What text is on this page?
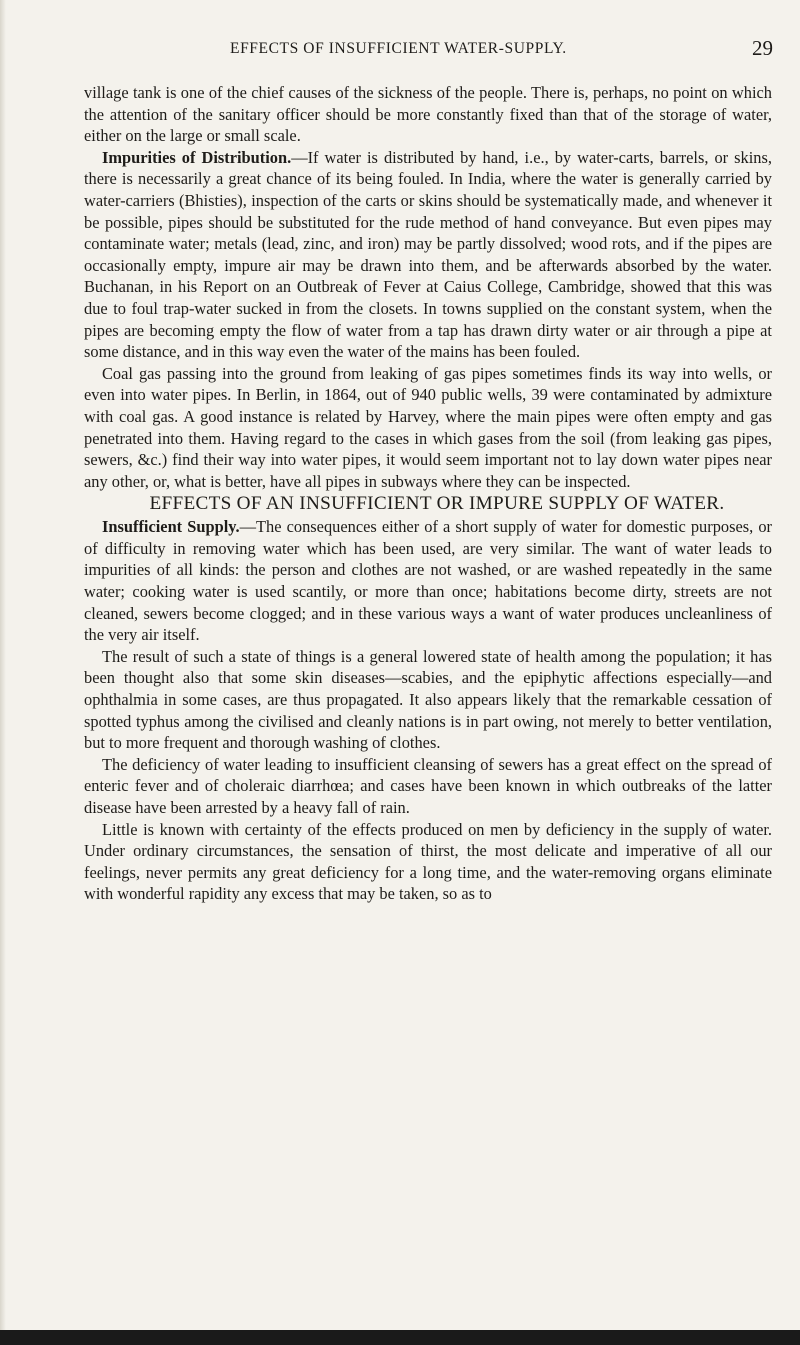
EFFECTS OF INSUFFICIENT WATER-SUPPLY.	29

village tank is one of the chief causes of the sickness of the people. There is, perhaps, no point on which the attention of the sanitary officer should be more constantly fixed than that of the storage of water, either on the large or small scale.

Impurities of Distribution.—If water is distributed by hand, i.e., by water-carts, barrels, or skins, there is necessarily a great chance of its being fouled. In India, where the water is generally carried by water-carriers (Bhisties), inspection of the carts or skins should be systematically made, and whenever it be possible, pipes should be substituted for the rude method of hand conveyance. But even pipes may contaminate water; metals (lead, zinc, and iron) may be partly dissolved; wood rots, and if the pipes are occasionally empty, impure air may be drawn into them, and be afterwards absorbed by the water. Buchanan, in his Report on an Outbreak of Fever at Caius College, Cambridge, showed that this was due to foul trap-water sucked in from the closets. In towns supplied on the constant system, when the pipes are becoming empty the flow of water from a tap has drawn dirty water or air through a pipe at some distance, and in this way even the water of the mains has been fouled.

Coal gas passing into the ground from leaking of gas pipes sometimes finds its way into wells, or even into water pipes. In Berlin, in 1864, out of 940 public wells, 39 were contaminated by admixture with coal gas. A good instance is related by Harvey, where the main pipes were often empty and gas penetrated into them. Having regard to the cases in which gases from the soil (from leaking gas pipes, sewers, &c.) find their way into water pipes, it would seem important not to lay down water pipes near any other, or, what is better, have all pipes in subways where they can be inspected.

EFFECTS OF AN INSUFFICIENT OR IMPURE SUPPLY OF WATER.

Insufficient Supply.—The consequences either of a short supply of water for domestic purposes, or of difficulty in removing water which has been used, are very similar. The want of water leads to impurities of all kinds: the person and clothes are not washed, or are washed repeatedly in the same water; cooking water is used scantily, or more than once; habitations become dirty, streets are not cleaned, sewers become clogged; and in these various ways a want of water produces uncleanliness of the very air itself.

The result of such a state of things is a general lowered state of health among the population; it has been thought also that some skin diseases—scabies, and the epiphytic affections especially—and ophthalmia in some cases, are thus propagated. It also appears likely that the remarkable cessation of spotted typhus among the civilised and cleanly nations is in part owing, not merely to better ventilation, but to more frequent and thorough washing of clothes.

The deficiency of water leading to insufficient cleansing of sewers has a great effect on the spread of enteric fever and of choleraic diarrhœa; and cases have been known in which outbreaks of the latter disease have been arrested by a heavy fall of rain.

Little is known with certainty of the effects produced on men by deficiency in the supply of water. Under ordinary circumstances, the sensation of thirst, the most delicate and imperative of all our feelings, never permits any great deficiency for a long time, and the water-removing organs eliminate with wonderful rapidity any excess that may be taken, so as to
